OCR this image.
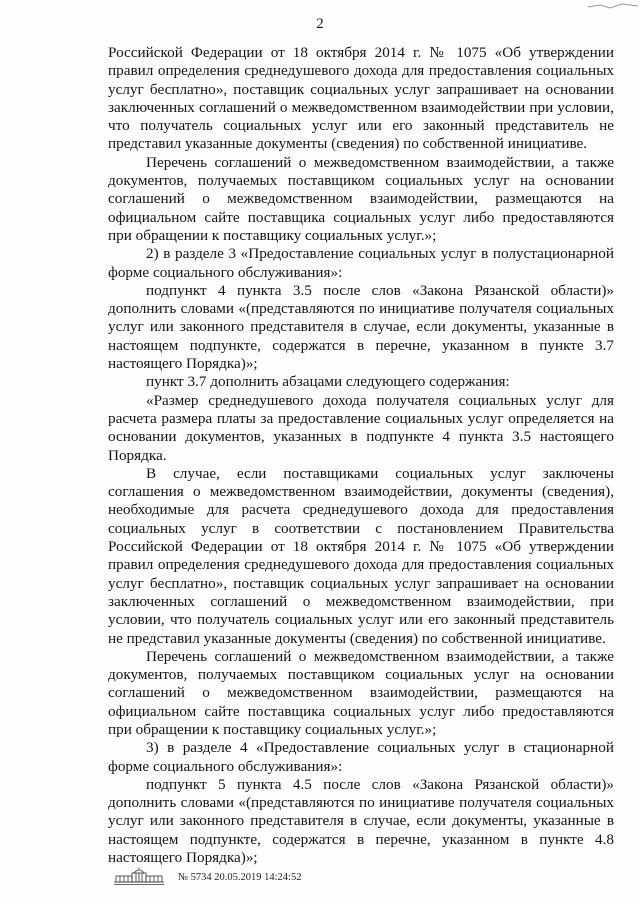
2

Российской Федерации от 18 октября 2014 г. № 1075 «Об утверждении правил определения среднедушевого дохода для предоставления социальных услуг бесплатно», поставщик социальных услуг запрашивает на основании заключенных соглашений о межведомственном взаимодействии при условии, что получатель социальных услуг или его законный представитель не представил указанные документы (сведения) по собственной инициативе.

Перечень соглашений о межведомственном взаимодействии, а также документов, получаемых поставщиком социальных услуг на основании соглашений о межведомственном взаимодействии, размещаются на официальном сайте поставщика социальных услуг либо предоставляются при обращении к поставщику социальных услуг.»;

2) в разделе 3 «Предоставление социальных услуг в полустационарной форме социального обслуживания»:

подпункт 4 пункта 3.5 после слов «Закона Рязанской области)» дополнить словами «(представляются по инициативе получателя социальных услуг или законного представителя в случае, если документы, указанные в настоящем подпункте, содержатся в перечне, указанном в пункте 3.7 настоящего Порядка)»;

пункт 3.7 дополнить абзацами следующего содержания:

«Размер среднедушевого дохода получателя социальных услуг для расчета размера платы за предоставление социальных услуг определяется на основании документов, указанных в подпункте 4 пункта 3.5 настоящего Порядка.

В случае, если поставщиками социальных услуг заключены соглашения о межведомственном взаимодействии, документы (сведения), необходимые для расчета среднедушевого дохода для предоставления социальных услуг в соответствии с постановлением Правительства Российской Федерации от 18 октября 2014 г. № 1075 «Об утверждении правил определения среднедушевого дохода для предоставления социальных услуг бесплатно», поставщик социальных услуг запрашивает на основании заключенных соглашений о межведомственном взаимодействии, при условии, что получатель социальных услуг или его законный представитель не представил указанные документы (сведения) по собственной инициативе.

Перечень соглашений о межведомственном взаимодействии, а также документов, получаемых поставщиком социальных услуг на основании соглашений о межведомственном взаимодействии, размещаются на официальном сайте поставщика социальных услуг либо предоставляются при обращении к поставщику социальных услуг.»;

3) в разделе 4 «Предоставление социальных услуг в стационарной форме социального обслуживания»:

подпункт 5 пункта 4.5 после слов «Закона Рязанской области)» дополнить словами «(представляются по инициативе получателя социальных услуг или законного представителя в случае, если документы, указанные в настоящем подпункте, содержатся в перечне, указанном в пункте 4.8 настоящего Порядка)»;

№ 5734 20.05.2019 14:24:52
